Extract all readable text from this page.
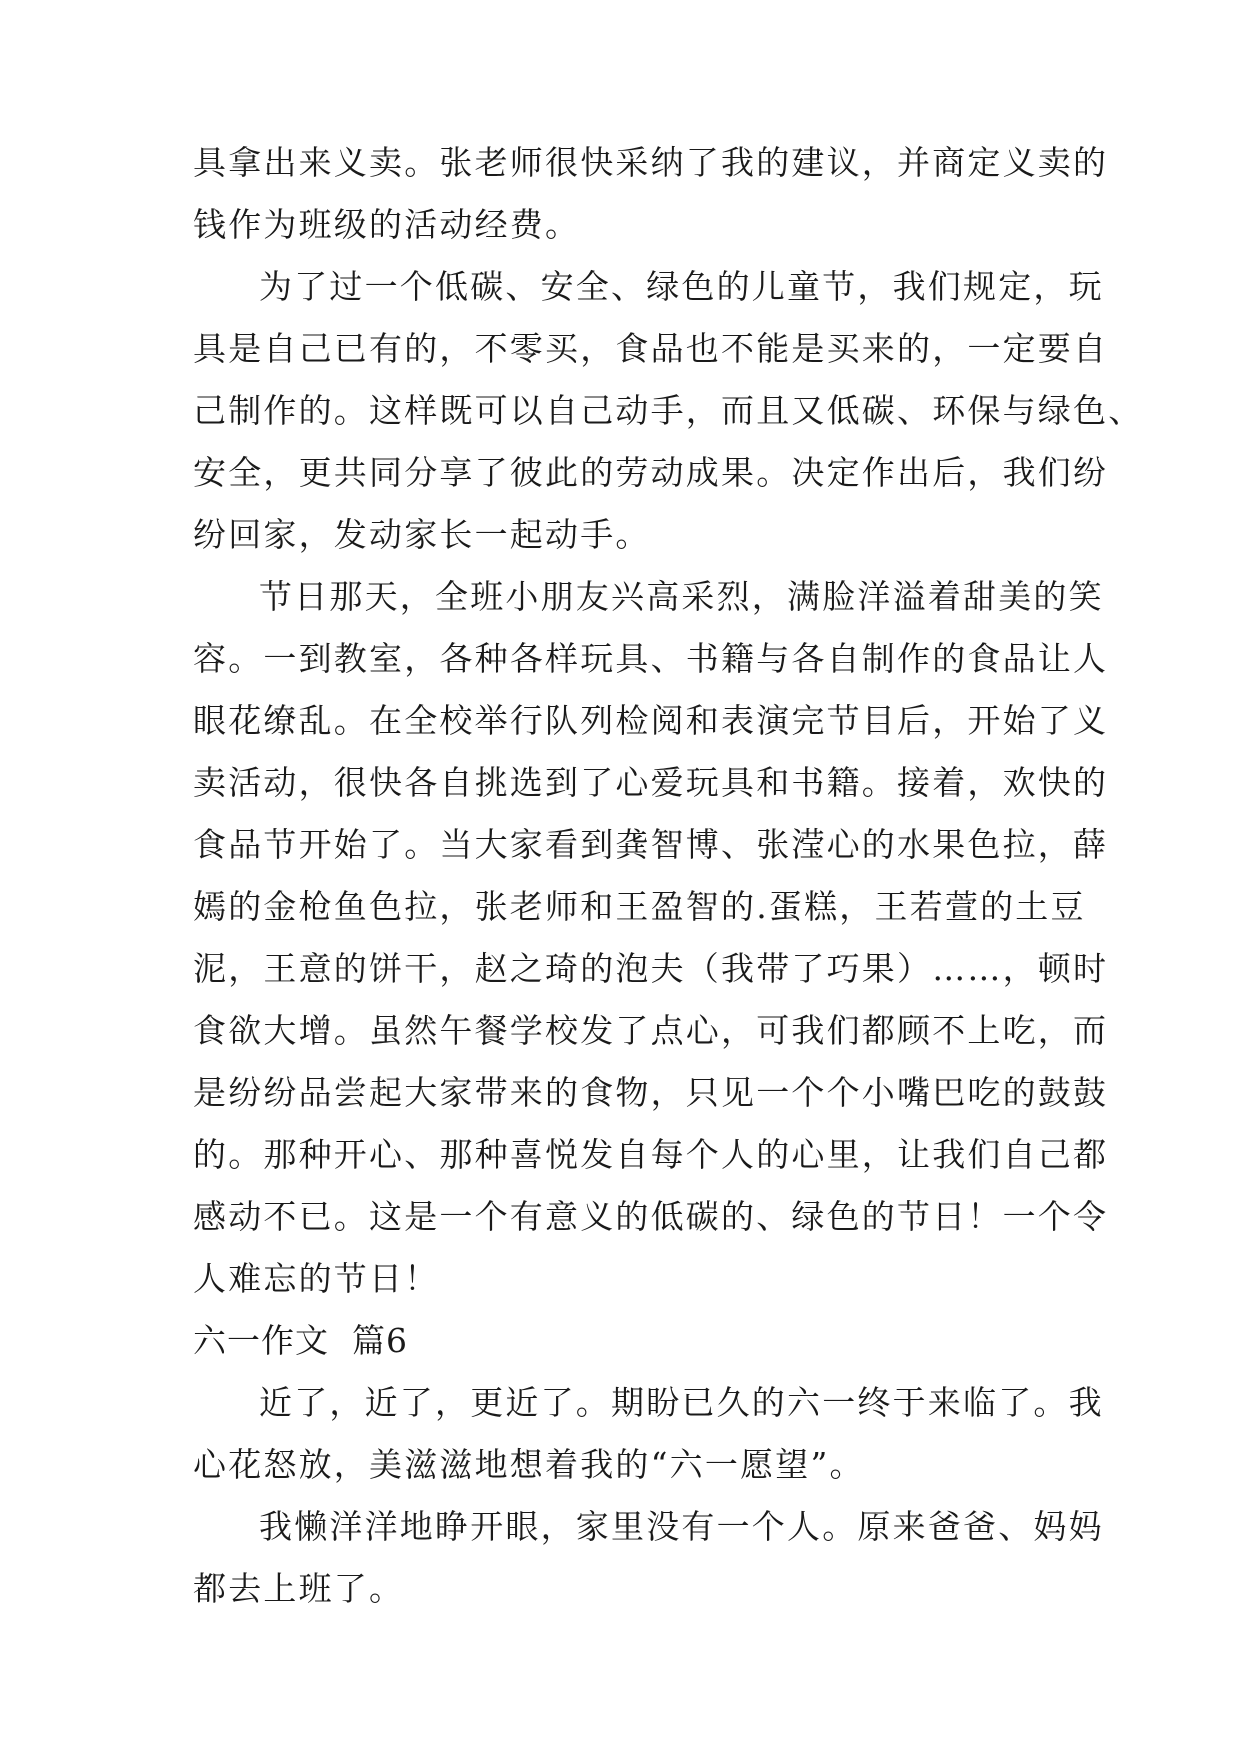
具拿出来义卖。张老师很快采纳了我的建议，并商定义卖的
钱作为班级的活动经费。
为了过一个低碳、安全、绿色的儿童节，我们规定，玩
具是自己已有的，不零买，食品也不能是买来的，一定要自
己制作的。这样既可以自己动手，而且又低碳、环保与绿色、
安全，更共同分享了彼此的劳动成果。决定作出后，我们纷
纷回家，发动家长一起动手。
节日那天，全班小朋友兴高采烈，满脸洋溢着甜美的笑
容。一到教室，各种各样玩具、书籍与各自制作的食品让人
眼花缭乱。在全校举行队列检阅和表演完节目后，开始了义
卖活动，很快各自挑选到了心爱玩具和书籍。接着，欢快的
食品节开始了。当大家看到龚智博、张滢心的水果色拉，薛
嫣的金枪鱼色拉，张老师和王盈智的.蛋糕，王若萱的土豆
泥，王意的饼干，赵之琦的泡夫（我带了巧果）……，顿时
食欲大增。虽然午餐学校发了点心，可我们都顾不上吃，而
是纷纷品尝起大家带来的食物，只见一个个小嘴巴吃的鼓鼓
的。那种开心、那种喜悦发自每个人的心里，让我们自己都
感动不已。这是一个有意义的低碳的、绿色的节日！一个令
人难忘的节日！
六一作文  篇6
近了，近了，更近了。期盼已久的六一终于来临了。我
心花怒放，美滋滋地想着我的“六一愿望”。
我懒洋洋地睁开眼，家里没有一个人。原来爸爸、妈妈
都去上班了。
